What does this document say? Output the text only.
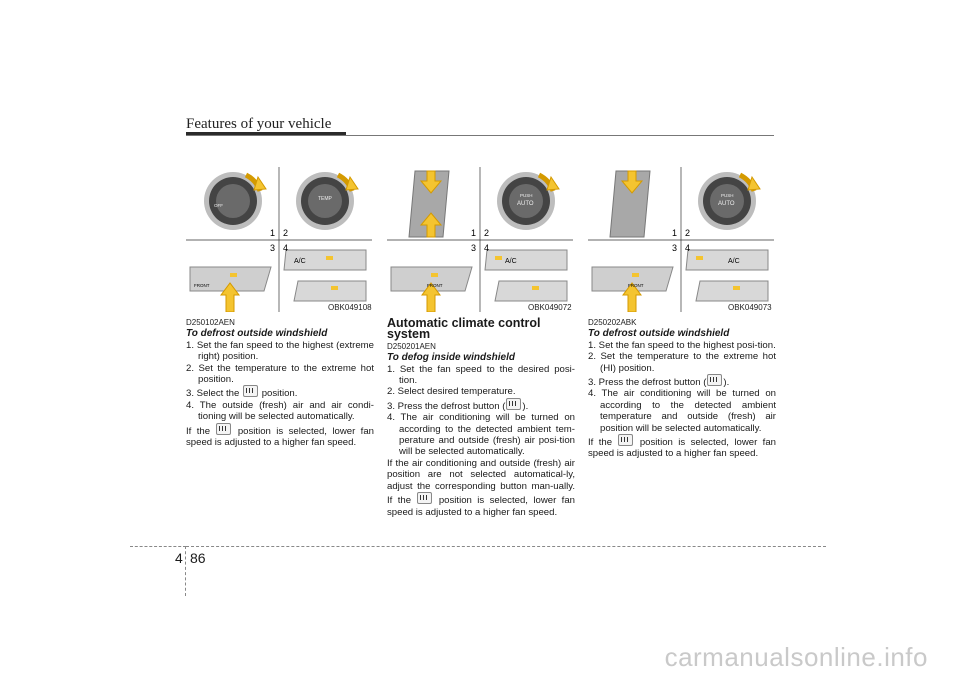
Features of your vehicle
1 2
3 4
A/C
FRONT
TEMP
OFF
OBK049108
1 2
3 4
A/C
FRONT
PUSH
AUTO
OBK049072
1 2
3 4
A/C
FRONT
PUSH
AUTO
OBK049073

D250102AEN

To defrost outside windshield

1. Set the fan speed to the highest (extreme right) position.

2. Set the temperature to the extreme hot position.

3. Select the position.

4. The outside (fresh) air and air condi-tioning will be selected automatically.

If the	position is selected, lower fan speed is adjusted to a higher fan speed.

Automatic climate control system

D250201AEN

To defog inside windshield

1. Set the fan speed to the desired posi-tion.

2. Select desired temperature.

3. Press the defrost button ( ).

4. The air conditioning will be turned on according to the detected ambient tem-perature and outside (fresh) air posi-tion will be selected automatically.

If the air conditioning and outside (fresh) air position are not selected automatical-ly, adjust the corresponding button man-ually. If the	position is selected, lower fan speed is adjusted to a higher fan speed.

D250202ABK

To defrost outside windshield

1. Set the fan speed to the highest posi-tion.

2. Set the temperature to the extreme hot (HI) position.

3. Press the defrost button ( ).

4. The air conditioning will be turned on according to the detected ambient temperature and outside (fresh) air position will be selected automatically.

If the	position is selected, lower fan speed is adjusted to a higher fan speed.

4 86
carmanualsonline.info
